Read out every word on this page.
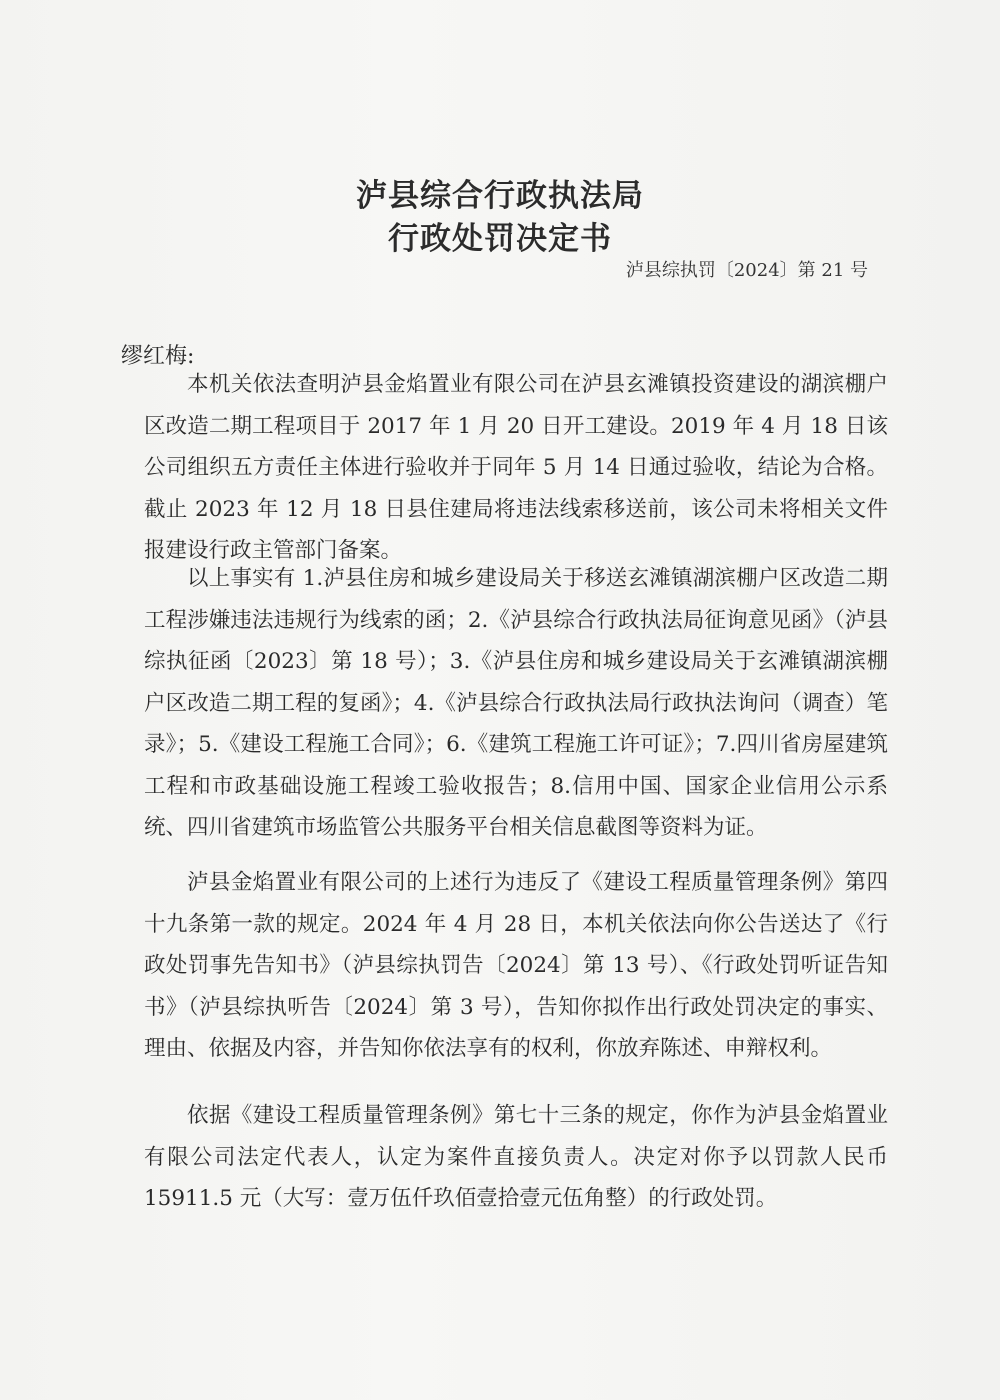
泸县综合行政执法局
行政处罚决定书
泸县综执罚〔2024〕第 21 号
缪红梅:

本机关依法查明泸县金焰置业有限公司在泸县玄滩镇投资建设的湖滨棚户区改造二期工程项目于 2017 年 1 月 20 日开工建设。2019 年 4 月 18 日该公司组织五方责任主体进行验收并于同年 5 月 14 日通过验收，结论为合格。截止 2023 年 12 月 18 日县住建局将违法线索移送前，该公司未将相关文件报建设行政主管部门备案。

以上事实有 1.泸县住房和城乡建设局关于移送玄滩镇湖滨棚户区改造二期工程涉嫌违法违规行为线索的函；2.《泸县综合行政执法局征询意见函》（泸县综执征函〔2023〕第 18 号）；3.《泸县住房和城乡建设局关于玄滩镇湖滨棚户区改造二期工程的复函》；4.《泸县综合行政执法局行政执法询问（调查）笔录》；5.《建设工程施工合同》；6.《建筑工程施工许可证》；7.四川省房屋建筑工程和市政基础设施工程竣工验收报告；8.信用中国、国家企业信用公示系统、四川省建筑市场监管公共服务平台相关信息截图等资料为证。

泸县金焰置业有限公司的上述行为违反了《建设工程质量管理条例》第四十九条第一款的规定。2024 年 4 月 28 日，本机关依法向你公告送达了《行政处罚事先告知书》（泸县综执罚告〔2024〕第 13 号）、《行政处罚听证告知书》（泸县综执听告〔2024〕第 3 号），告知你拟作出行政处罚决定的事实、理由、依据及内容，并告知你依法享有的权利，你放弃陈述、申辩权利。

依据《建设工程质量管理条例》第七十三条的规定，你作为泸县金焰置业有限公司法定代表人，认定为案件直接负责人。决定对你予以罚款人民币 15911.5 元（大写：壹万伍仟玖佰壹拾壹元伍角整）的行政处罚。
